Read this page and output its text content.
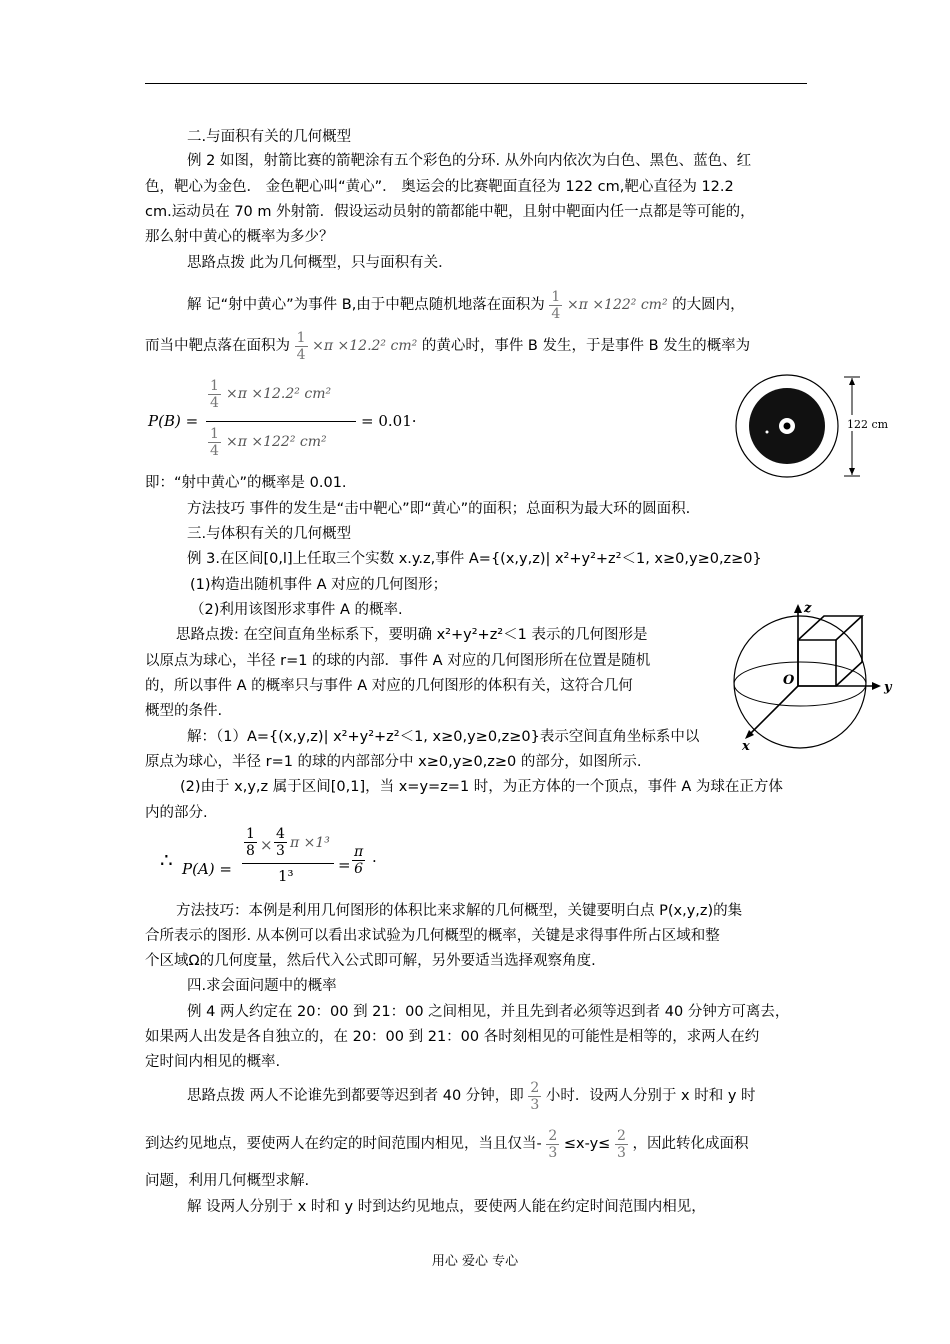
二.与面积有关的几何概型
例 2 如图，射箭比赛的箭靶涂有五个彩色的分环. 从外向内依次为白色、黑色、蓝色、红
色，靶心为金色． 金色靶心叫“黄心”． 奥运会的比赛靶面直径为 122 cm,靶心直径为 12.2
cm.运动员在 70 m 外射箭．假设运动员射的箭都能中靶，且射中靶面内任一点都是等可能的，
那么射中黄心的概率为多少？
思路点拨 此为几何概型，只与面积有关．
解 记“射中黄心”为事件 B,由于中靶点随机地落在面积为 $\frac{1}{4} \times\pi \times 122^2$ cm² 的大圆内，
而当中靶点落在面积为 $\frac{1}{4} \times\pi \times 12.2^2$ cm² 的黄心时，事件 B 发生，于是事件 B 发生的概率为
P(B) =
$\frac{1}{4} \times\pi \times 12.2^2$ cm²
$\frac{1}{4} \times\pi \times 122^2$ cm²
= 0.01·	122 cm
即：“射中黄心”的概率是 0.01.
方法技巧 事件的发生是“击中靶心”即“黄心”的面积；总面积为最大环的圆面积.
三.与体积有关的几何概型
例 3.在区间[0,l]上任取三个实数 x.y.z,事件 A={(x,y,z)| x²+y²+z²＜1, x≥0,y≥0,z≥0}
(1)构造出随机事件 A 对应的几何图形；
（2)利用该图形求事件 A 的概率.
思路点拨: 在空间直角坐标系下，要明确 x²+y²+z²＜1 表示的几何图形是
以原点为球心，半径 r=1 的球的内部．事件 A 对应的几何图形所在位置是随机
的，所以事件 A 的概率只与事件 A 对应的几何图形的体积有关，这符合几何
概型的条件.
z
y
x
O
解：（1）A={(x,y,z)| x²+y²+z²＜1, x≥0,y≥0,z≥0}表示空间直角坐标系中以
原点为球心，半径 r=1 的球的内部部分中 x≥0,y≥0,z≥0 的部分，如图所示.
(2)由于 x,y,z 属于区间[0,1]，当 x=y=z=1 时，为正方体的一个顶点，事件 A 为球在正方体
内的部分.
∴ P(A) =
$\frac{1}{8} \times \frac{4}{3}$ π ×1³
1³
= $\frac{\pi}{6}$ ·
方法技巧：本例是利用几何图形的体积比来求解的几何概型，关键要明白点 P(x,y,z)的集
合所表示的图形. 从本例可以看出求试验为几何概型的概率，关键是求得事件所占区域和整
个区域Ω的几何度量，然后代入公式即可解，另外要适当选择观察角度.
四.求会面问题中的概率
例 4 两人约定在 20：00 到 21：00 之间相见，并且先到者必须等迟到者 40 分钟方可离去，
如果两人出发是各自独立的，在 20：00 到 21：00 各时刻相见的可能性是相等的，求两人在约
定时间内相见的概率.
思路点拨 两人不论谁先到都要等迟到者 40 分钟，即 $\frac{2}{3}$ 小时．设两人分别于 x 时和 y 时
到达约见地点，要使两人在约定的时间范围内相见，当且仅当- $\frac{2}{3} \le x-y\le \frac{2}{3}$ ，因此转化成面积
问题，利用几何概型求解.
解 设两人分别于 x 时和 y 时到达约见地点，要使两人能在约定时间范围内相见，
用心 爱心 专心
